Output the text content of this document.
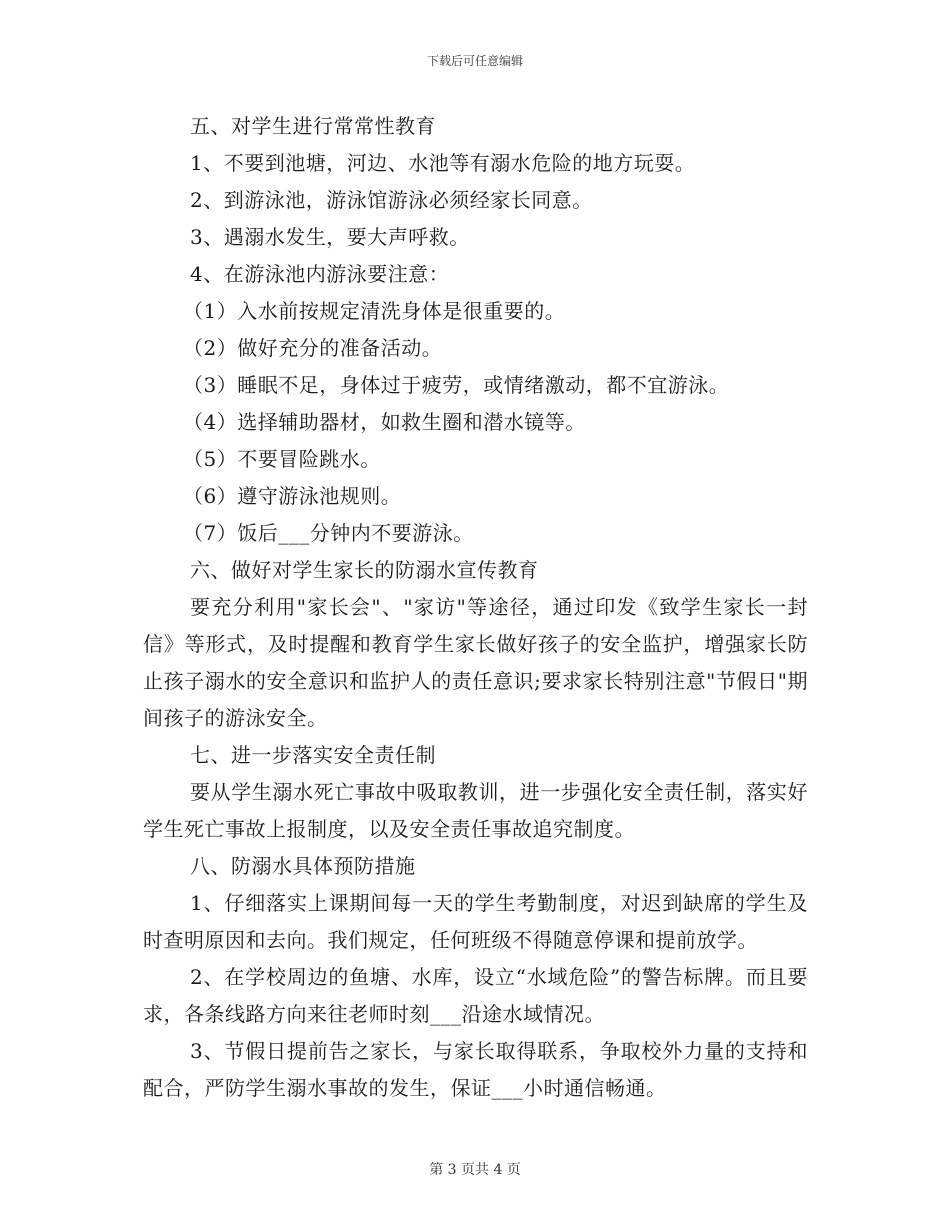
下载后可任意编辑
五、对学生进行常常性教育
1、不要到池塘，河边、水池等有溺水危险的地方玩耍。
2、到游泳池，游泳馆游泳必须经家长同意。
3、遇溺水发生，要大声呼救。
4、在游泳池内游泳要注意：
（1）入水前按规定清洗身体是很重要的。
（2）做好充分的准备活动。
（3）睡眠不足，身体过于疲劳，或情绪激动，都不宜游泳。
（4）选择辅助器材，如救生圈和潜水镜等。
（5）不要冒险跳水。
（6）遵守游泳池规则。
（7）饭后___分钟内不要游泳。
六、做好对学生家长的防溺水宣传教育
要充分利用"家长会"、"家访"等途径，通过印发《致学生家长一封信》等形式，及时提醒和教育学生家长做好孩子的安全监护，增强家长防止孩子溺水的安全意识和监护人的责任意识;要求家长特别注意"节假日"期间孩子的游泳安全。
七、进一步落实安全责任制
要从学生溺水死亡事故中吸取教训，进一步强化安全责任制，落实好学生死亡事故上报制度，以及安全责任事故追究制度。
八、防溺水具体预防措施
1、仔细落实上课期间每一天的学生考勤制度，对迟到缺席的学生及时查明原因和去向。我们规定，任何班级不得随意停课和提前放学。
2、在学校周边的鱼塘、水库，设立“水域危险”的警告标牌。而且要求，各条线路方向来往老师时刻___沿途水域情况。
3、节假日提前告之家长，与家长取得联系，争取校外力量的支持和配合，严防学生溺水事故的发生，保证___小时通信畅通。
第 3 页共 4 页
